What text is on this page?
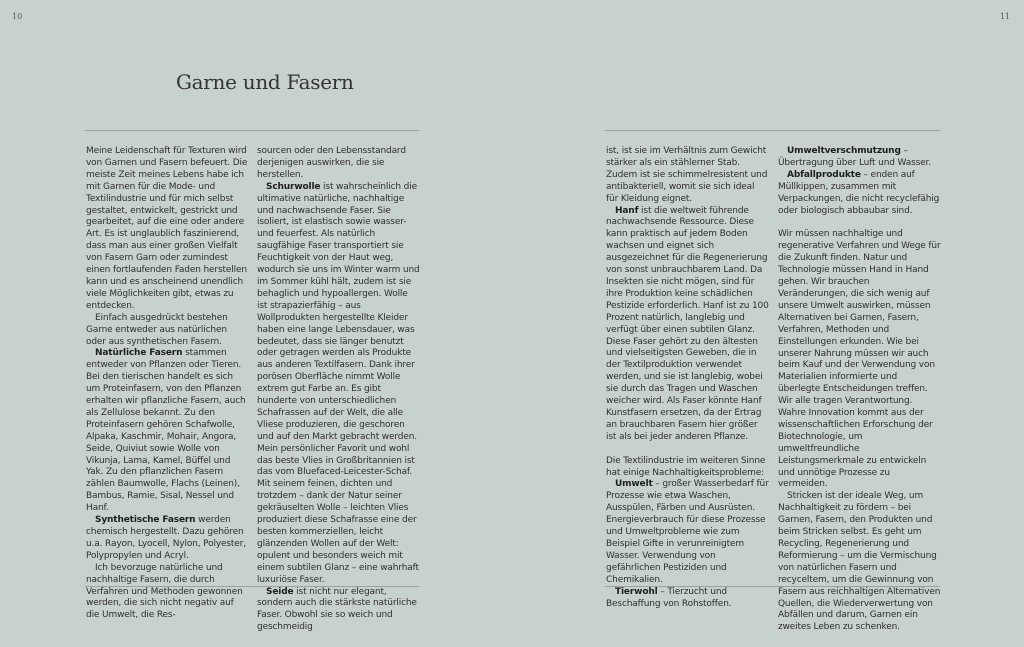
10	11
Garne und Fasern

Meine Leidenschaft für Texturen wird von Garnen und Fasern befeuert. Die meiste Zeit meines Lebens habe ich mit Garnen für die Mode- und Textilindustrie und für mich selbst gestaltet, entwickelt, gestrickt und gearbeitet, auf die eine oder andere Art. Es ist unglaublich faszinierend, dass man aus einer großen Vielfalt von Fasern Garn oder zumindest einen fortlaufenden Faden herstellen kann und es anscheinend unendlich viele Möglichkeiten gibt, etwas zu entdecken.

Einfach ausgedrückt bestehen Garne entweder aus natürlichen oder aus synthetischen Fasern.

Natürliche Fasern stammen entweder von Pflanzen oder Tieren. Bei den tierischen handelt es sich um Proteinfasern, von den Pflanzen erhalten wir pflanzliche Fasern, auch als Zellulose bekannt. Zu den Proteinfasern gehören Schafwolle, Alpaka, Kaschmir, Mohair, Angora, Seide, Quiviut sowie Wolle von Vikunja, Lama, Kamel, Büffel und Yak. Zu den pflanzlichen Fasern zählen Baumwolle, Flachs (Leinen), Bambus, Ramie, Sisal, Nessel und Hanf.

Synthetische Fasern werden chemisch hergestellt. Dazu gehören u.a. Rayon, Lyocell, Nylon, Polyester, Polypropylen und Acryl.

Ich bevorzuge natürliche und nachhaltige Fasern, die durch Verfahren und Methoden gewonnen werden, die sich nicht negativ auf die Umwelt, die Res-

sourcen oder den Lebensstandard derjenigen auswirken, die sie herstellen.

Schurwolle ist wahrscheinlich die ultimative natürliche, nachhaltige und nachwachsende Faser. Sie isoliert, ist elastisch sowie wasser- und feuerfest. Als natürlich saugfähige Faser transportiert sie Feuchtigkeit von der Haut weg, wodurch sie uns im Winter warm und im Sommer kühl hält, zudem ist sie behaglich und hypoallergen. Wolle ist strapazierfähig – aus Wollprodukten hergestellte Kleider haben eine lange Lebensdauer, was bedeutet, dass sie länger benutzt oder getragen werden als Produkte aus anderen Textilfasern. Dank ihrer porösen Oberfläche nimmt Wolle extrem gut Farbe an. Es gibt hunderte von unterschiedlichen Schafrassen auf der Welt, die alle Vliese produzieren, die geschoren und auf den Markt gebracht werden. Mein persönlicher Favorit und wohl das beste Vlies in Großbritannien ist das vom Bluefaced-Leicester-Schaf. Mit seinem feinen, dichten und trotzdem – dank der Natur seiner gekräuselten Wolle – leichten Vlies produziert diese Schafrasse eine der besten kommerziellen, leicht glänzenden Wollen auf der Welt: opulent und besonders weich mit einem subtilen Glanz – eine wahrhaft luxuriöse Faser.

Seide ist nicht nur elegant, sondern auch die stärkste natürliche Faser. Obwohl sie so weich und geschmeidig

ist, ist sie im Verhältnis zum Gewicht stärker als ein stählerner Stab. Zudem ist sie schimmelresistent und antibakteriell, womit sie sich ideal für Kleidung eignet.

Hanf ist die weltweit führende nachwachsende Ressource. Diese kann praktisch auf jedem Boden wachsen und eignet sich ausgezeichnet für die Regenerierung von sonst unbrauchbarem Land. Da Insekten sie nicht mögen, sind für ihre Produktion keine schädlichen Pestizide erforderlich. Hanf ist zu 100 Prozent natürlich, langlebig und verfügt über einen subtilen Glanz. Diese Faser gehört zu den ältesten und vielseitigsten Geweben, die in der Textilproduktion verwendet werden, und sie ist langlebig, wobei sie durch das Tragen und Waschen weicher wird. Als Faser könnte Hanf Kunstfasern ersetzen, da der Ertrag an brauchbaren Fasern hier größer ist als bei jeder anderen Pflanze.

Die Textilindustrie im weiteren Sinne hat einige Nachhaltigkeitsprobleme:

Umwelt – großer Wasserbedarf für Prozesse wie etwa Waschen, Ausspülen, Färben und Ausrüsten. Energieverbrauch für diese Prozesse und Umweltprobleme wie zum Beispiel Gifte in verunreinigtem Wasser. Verwendung von gefährlichen Pestiziden und Chemikalien.

Tierwohl – Tierzucht und Beschaffung von Rohstoffen.

Umweltverschmutzung – Übertragung über Luft und Wasser.

Abfallprodukte – enden auf Müllkippen, zusammen mit Verpackungen, die nicht recyclefähig oder biologisch abbaubar sind.

Wir müssen nachhaltige und regenerative Verfahren und Wege für die Zukunft finden. Natur und Technologie müssen Hand in Hand gehen. Wir brauchen Veränderungen, die sich wenig auf unsere Umwelt auswirken, müssen Alternativen bei Garnen, Fasern, Verfahren, Methoden und Einstellungen erkunden. Wie bei unserer Nahrung müssen wir auch beim Kauf und der Verwendung von Materialien informierte und überlegte Entscheidungen treffen. Wir alle tragen Verantwortung. Wahre Innovation kommt aus der wissenschaftlichen Erforschung der Biotechnologie, um umweltfreundliche Leistungsmerkmale zu entwickeln und unnötige Prozesse zu vermeiden.

Stricken ist der ideale Weg, um Nachhaltigkeit zu fördern – bei Garnen, Fasern, den Produkten und beim Stricken selbst. Es geht um Recycling, Regenerierung und Reformierung – um die Vermischung von natürlichen Fasern und recyceltem, um die Gewinnung von Fasern aus reichhaltigen Alternativen Quellen, die Wiederverwertung von Abfällen und darum, Garnen ein zweites Leben zu schenken.
